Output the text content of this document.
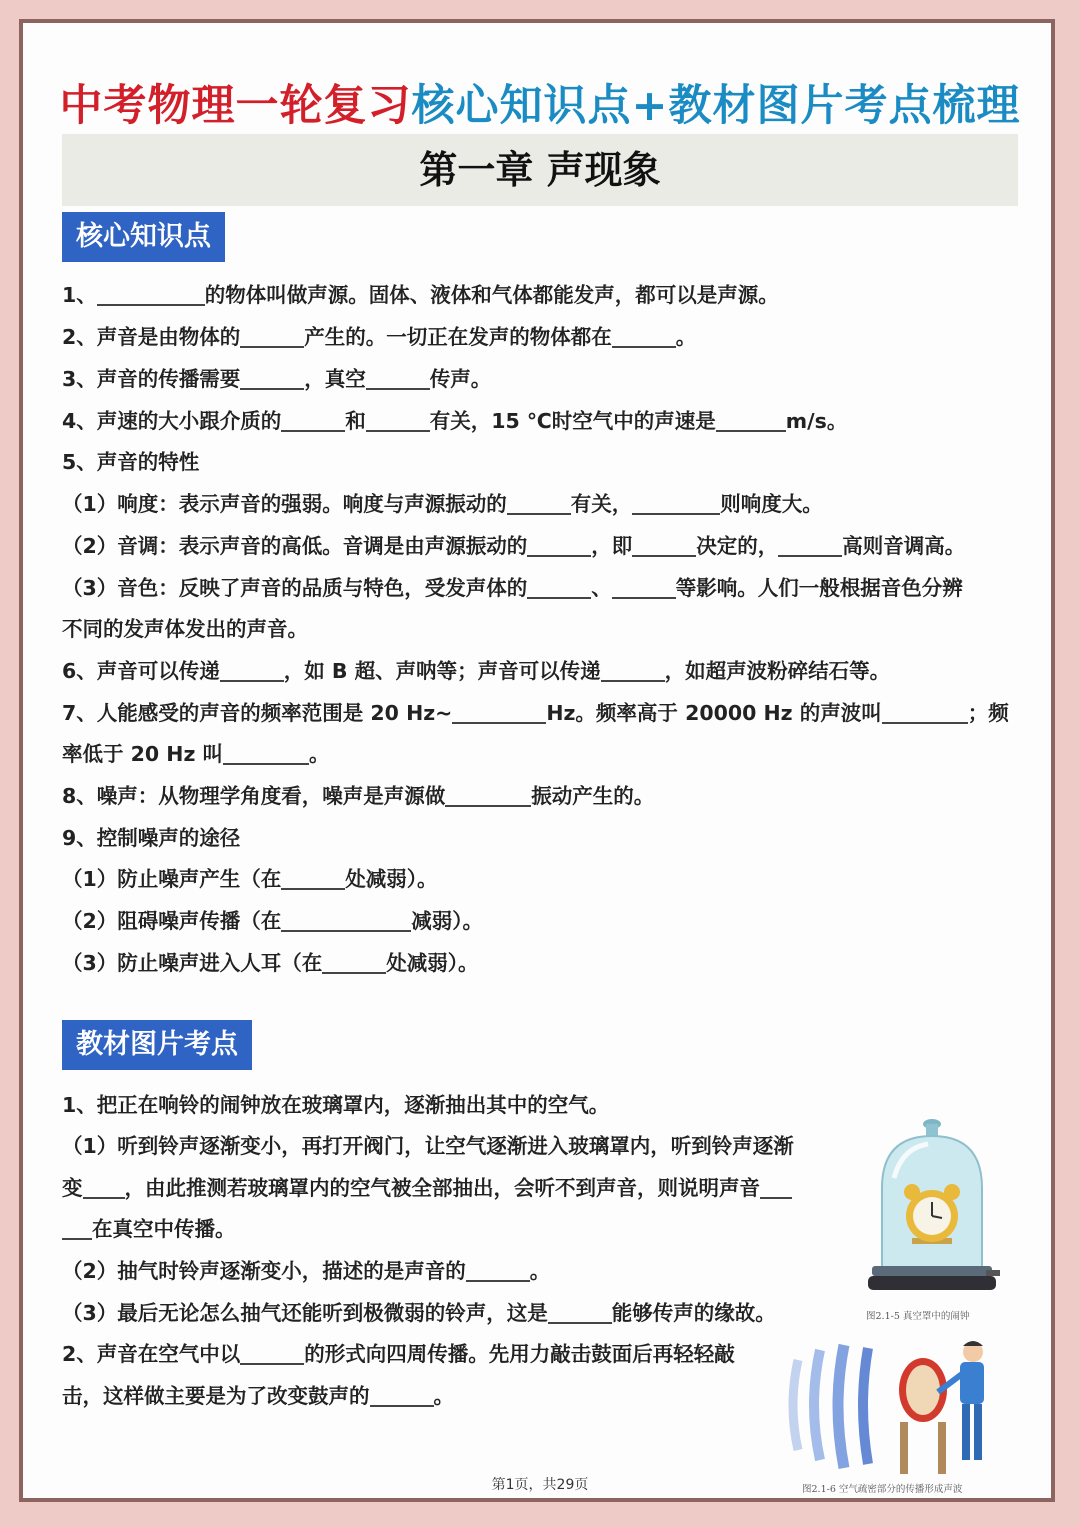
中考物理一轮复习核心知识点+教材图片考点梳理
第一章 声现象
核心知识点
教材图片考点
1、	的物体叫做声源。固体、液体和气体都能发声，都可以是声源。
2、声音是由物体的	产生的。一切正在发声的物体都在	。
3、声音的传播需要	，真空	传声。
4、声速的大小跟介质的	和	有关，15 ℃时空气中的声速是	m/s。
5、声音的特性
（1）响度：表示声音的强弱。响度与声源振动的	有关，	则响度大。
（2）音调：表示声音的高低。音调是由声源振动的	，即	决定的，	高则音调高。
（3）音色：反映了声音的品质与特色，受发声体的	、	等影响。人们一般根据音色分辨
不同的发声体发出的声音。
6、声音可以传递	，如 B 超、声呐等；声音可以传递	，如超声波粉碎结石等。
7、人能感受的声音的频率范围是 20 Hz~	Hz。频率高于 20000 Hz 的声波叫	；频
率低于 20 Hz 叫	。
8、噪声：从物理学角度看，噪声是声源做	振动产生的。
9、控制噪声的途径
（1）防止噪声产生（在	处减弱）。
（2）阻碍噪声传播（在	减弱）。
（3）防止噪声进入人耳（在	处减弱）。
1、把正在响铃的闹钟放在玻璃罩内，逐渐抽出其中的空气。
（1）听到铃声逐渐变小，再打开阀门，让空气逐渐进入玻璃罩内，听到铃声逐渐
变 ，由此推测若玻璃罩内的空气被全部抽出，会听不到声音，则说明声音
在真空中传播。
（2）抽气时铃声逐渐变小，描述的是声音的	。
（3）最后无论怎么抽气还能听到极微弱的铃声，这是	能够传声的缘故。
2、声音在空气中以	的形式向四周传播。先用力敲击鼓面后再轻轻敲
击，这样做主要是为了改变鼓声的	。
图2.1-5 真空罩中的闹钟
图2.1-6 空气疏密部分的传播形成声波
第1页，共29页
